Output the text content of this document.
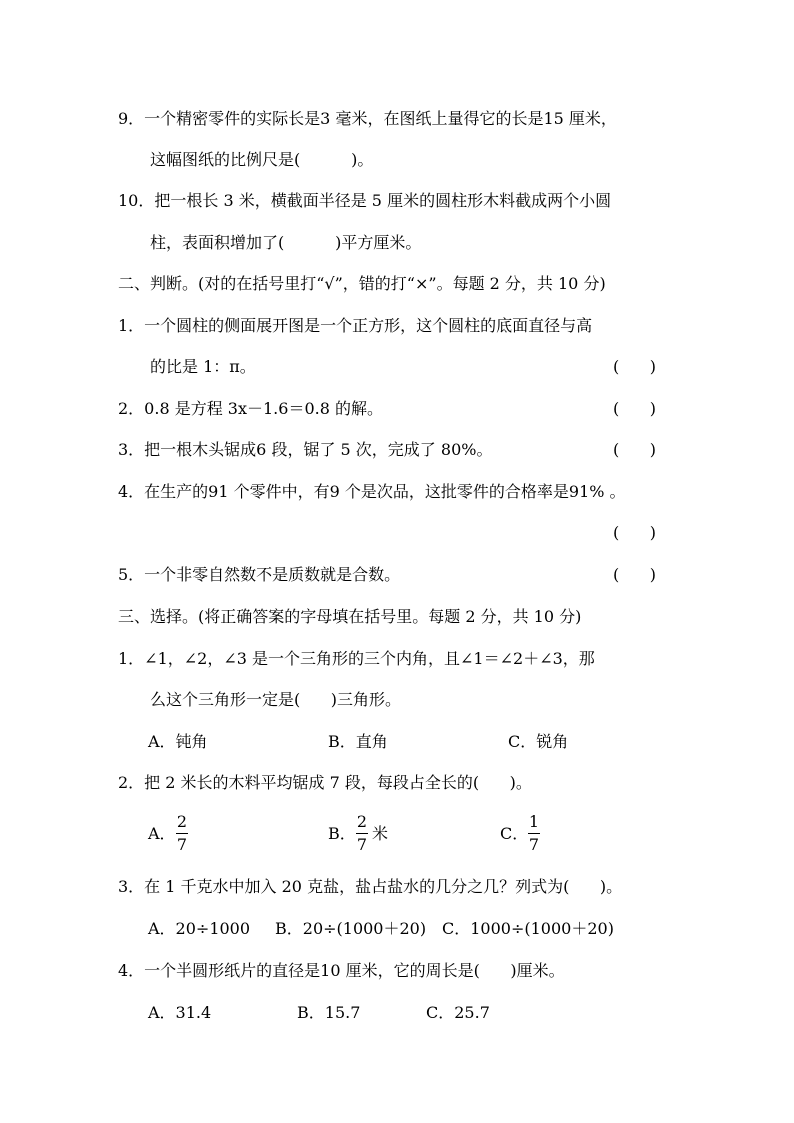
9．一个精密零件的实际长是3 毫米，在图纸上量得它的长是15 厘米，
这幅图纸的比例尺是(          )。
10．把一根长 3 米，横截面半径是 5 厘米的圆柱形木料截成两个小圆
柱，表面积增加了(          )平方厘米。
二、判断。(对的在括号里打“√”，错的打“×”。每题 2 分，共 10 分)
1．一个圆柱的侧面展开图是一个正方形，这个圆柱的底面直径与高
的比是 1：π。	(      )
2．0.8 是方程 3x－1.6＝0.8 的解。	(      )
3．把一根木头锯成6 段，锯了 5 次，完成了 80%。	(      )
4．在生产的91 个零件中，有9 个是次品，这批零件的合格率是91% 。
(      )
5．一个非零自然数不是质数就是合数。	(      )
三、选择。(将正确答案的字母填在括号里。每题 2 分，共 10 分)
1．∠1，∠2，∠3 是一个三角形的三个内角，且∠1＝∠2＋∠3，那
么这个三角形一定是(      )三角形。
A．钝角	B．直角	C．锐角
2．把 2 米长的木料平均锯成 7 段，每段占全长的(      )。
A．
2
7
B．
2
7
米	C．
1
7
3．在 1 千克水中加入 20 克盐，盐占盐水的几分之几？列式为(      )。
A．20÷1000 B．20÷(1000＋20) C．1000÷(1000＋20)
4．一个半圆形纸片的直径是10 厘米，它的周长是(      )厘米。
A．31.4	B．15.7	C．25.7
